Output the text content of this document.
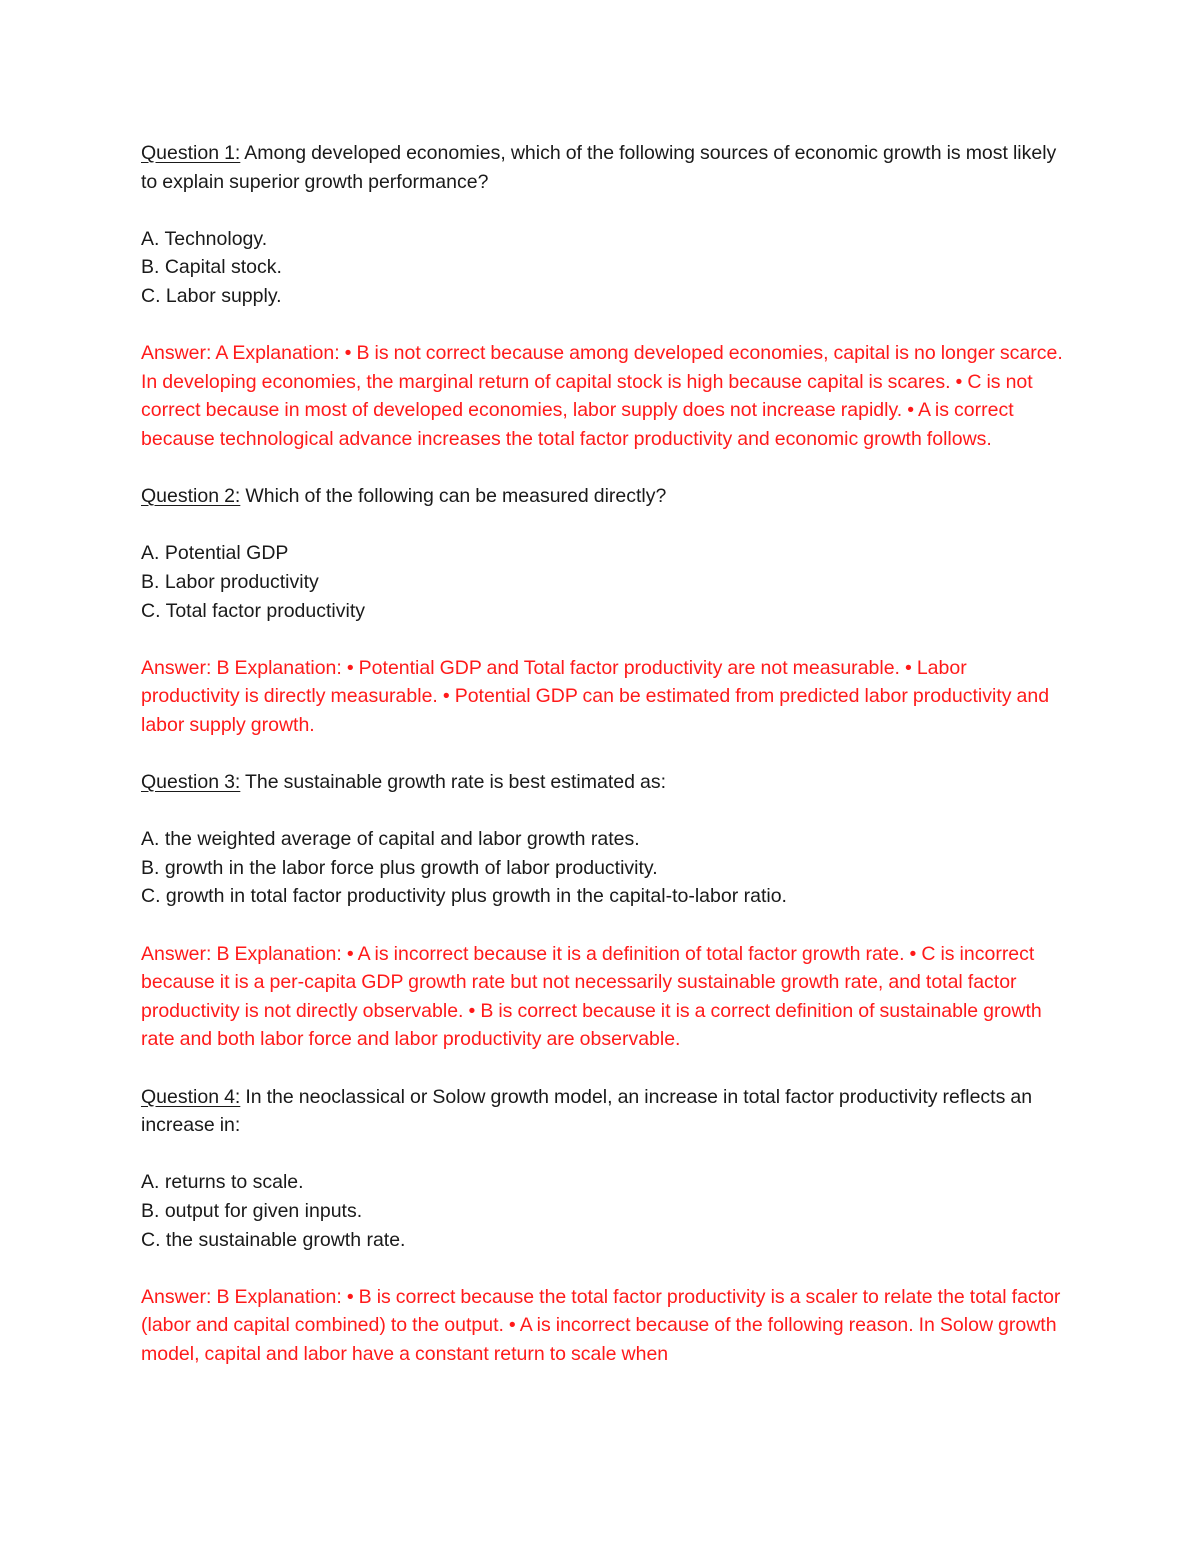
Question 1: Among developed economies, which of the following sources of economic growth is most likely to explain superior growth performance?
A. Technology.
B. Capital stock.
C. Labor supply.
Answer: A Explanation: • B is not correct because among developed economies, capital is no longer scarce. In developing economies, the marginal return of capital stock is high because capital is scares. • C is not correct because in most of developed economies, labor supply does not increase rapidly. • A is correct because technological advance increases the total factor productivity and economic growth follows.
Question 2: Which of the following can be measured directly?
A. Potential GDP
B. Labor productivity
C. Total factor productivity
Answer: B Explanation: • Potential GDP and Total factor productivity are not measurable. • Labor productivity is directly measurable. • Potential GDP can be estimated from predicted labor productivity and labor supply growth.
Question 3: The sustainable growth rate is best estimated as:
A. the weighted average of capital and labor growth rates.
B. growth in the labor force plus growth of labor productivity.
C. growth in total factor productivity plus growth in the capital-to-labor ratio.
Answer: B Explanation: • A is incorrect because it is a definition of total factor growth rate. • C is incorrect because it is a per-capita GDP growth rate but not necessarily sustainable growth rate, and total factor productivity is not directly observable. • B is correct because it is a correct definition of sustainable growth rate and both labor force and labor productivity are observable.
Question 4: In the neoclassical or Solow growth model, an increase in total factor productivity reflects an increase in:
A. returns to scale.
B. output for given inputs.
C. the sustainable growth rate.
Answer: B Explanation: • B is correct because the total factor productivity is a scaler to relate the total factor (labor and capital combined) to the output. • A is incorrect because of the following reason. In Solow growth model, capital and labor have a constant return to scale when
